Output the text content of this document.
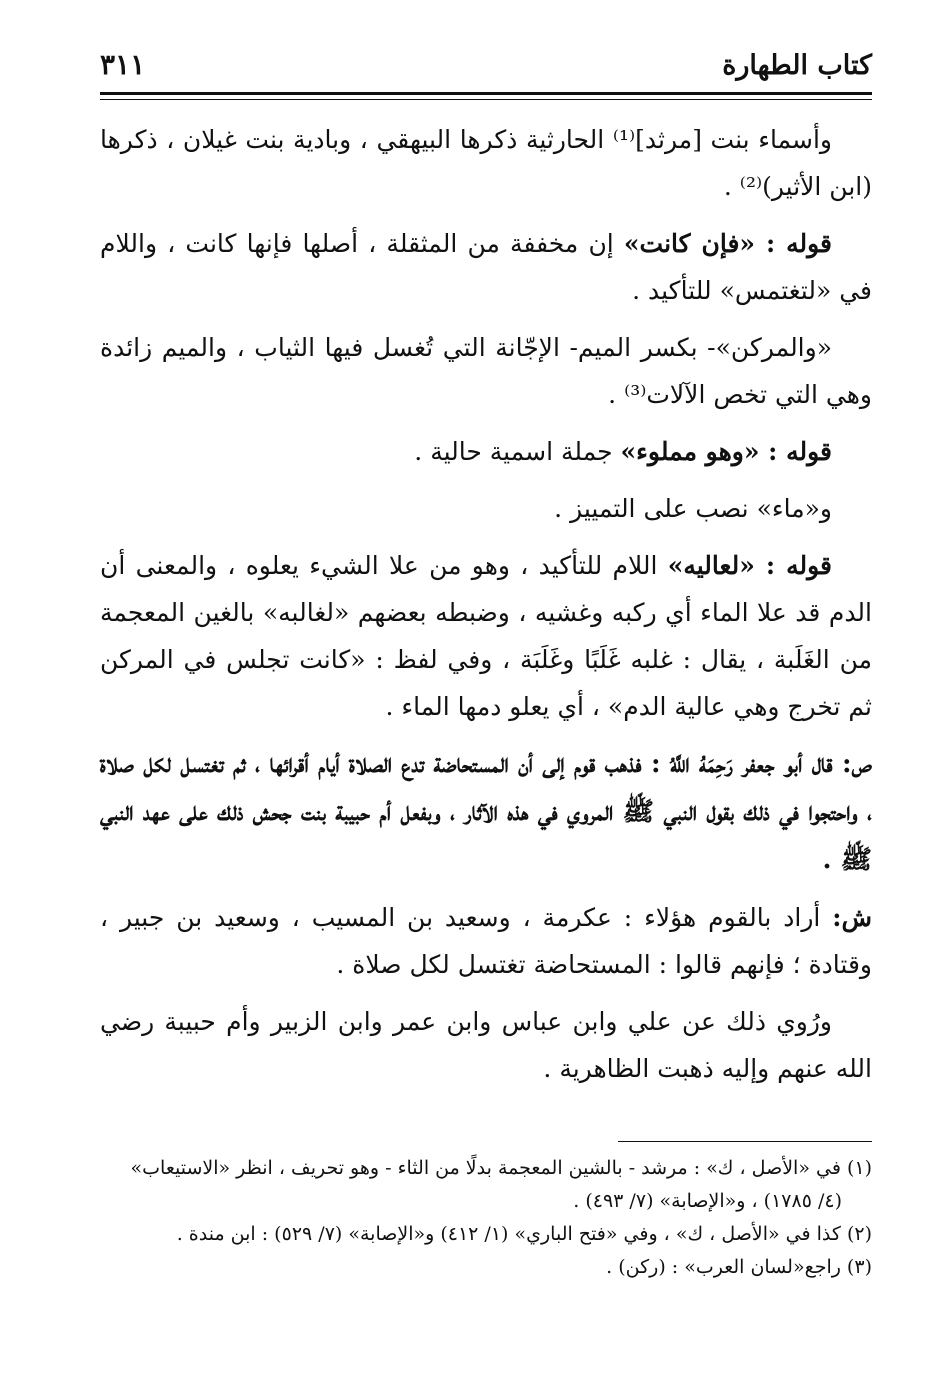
٣١١	كتاب الطهارة

وأسماء بنت [مرثد]⁽¹⁾ الحارثية ذكرها البيهقي ، وبادية بنت غيلان ، ذكرها (ابن الأثير)⁽²⁾ .

قوله : «فإن كانت» إن مخففة من المثقلة ، أصلها فإنها كانت ، واللام في «لتغتمس» للتأكيد .

«والمركن»- بكسر الميم- الإجّانة التي تُغسل فيها الثياب ، والميم زائدة وهي التي تخص الآلات⁽³⁾ .

قوله : «وهو مملوء» جملة اسمية حالية .

و«ماء» نصب على التمييز .

قوله : «لعاليه» اللام للتأكيد ، وهو من علا الشيء يعلوه ، والمعنى أن الدم قد علا الماء أي ركبه وغشيه ، وضبطه بعضهم «لغالبه» بالغين المعجمة من الغَلَبة ، يقال : غلبه غَلَبًا وغَلَبَة ، وفي لفظ : «كانت تجلس في المركن ثم تخرج وهي عالية الدم» ، أي يعلو دمها الماء .

ص: قال أبو جعفر رَحِمَهُ اللَّهُ : فذهب قوم إلى أن المستحاضة تدع الصلاة أيام أقرائها ، ثم تغتسل لكل صلاة ، واحتجوا في ذلك بقول النبي ﷺ المروي في هذه الآثار ، وبفعل أم حبيبة بنت جحش ذلك على عهد النبي ﷺ .

ش: أراد بالقوم هؤلاء : عكرمة ، وسعيد بن المسيب ، وسعيد بن جبير ، وقتادة ؛ فإنهم قالوا : المستحاضة تغتسل لكل صلاة .

ورُوي ذلك عن علي وابن عباس وابن عمر وابن الزبير وأم حبيبة رضي الله عنهم وإليه ذهبت الظاهرية .

(١) في «الأصل ، ك» : مرشد - بالشين المعجمة بدلًا من الثاء - وهو تحريف ، انظر «الاستيعاب»

(٤/ ١٧٨٥) ، و«الإصابة» (٧/ ٤٩٣) .

(٢) كذا في «الأصل ، ك» ، وفي «فتح الباري» (١/ ٤١٢) و«الإصابة» (٧/ ٥٢٩) : ابن مندة .

(٣) راجع«لسان العرب» : (ركن) .
